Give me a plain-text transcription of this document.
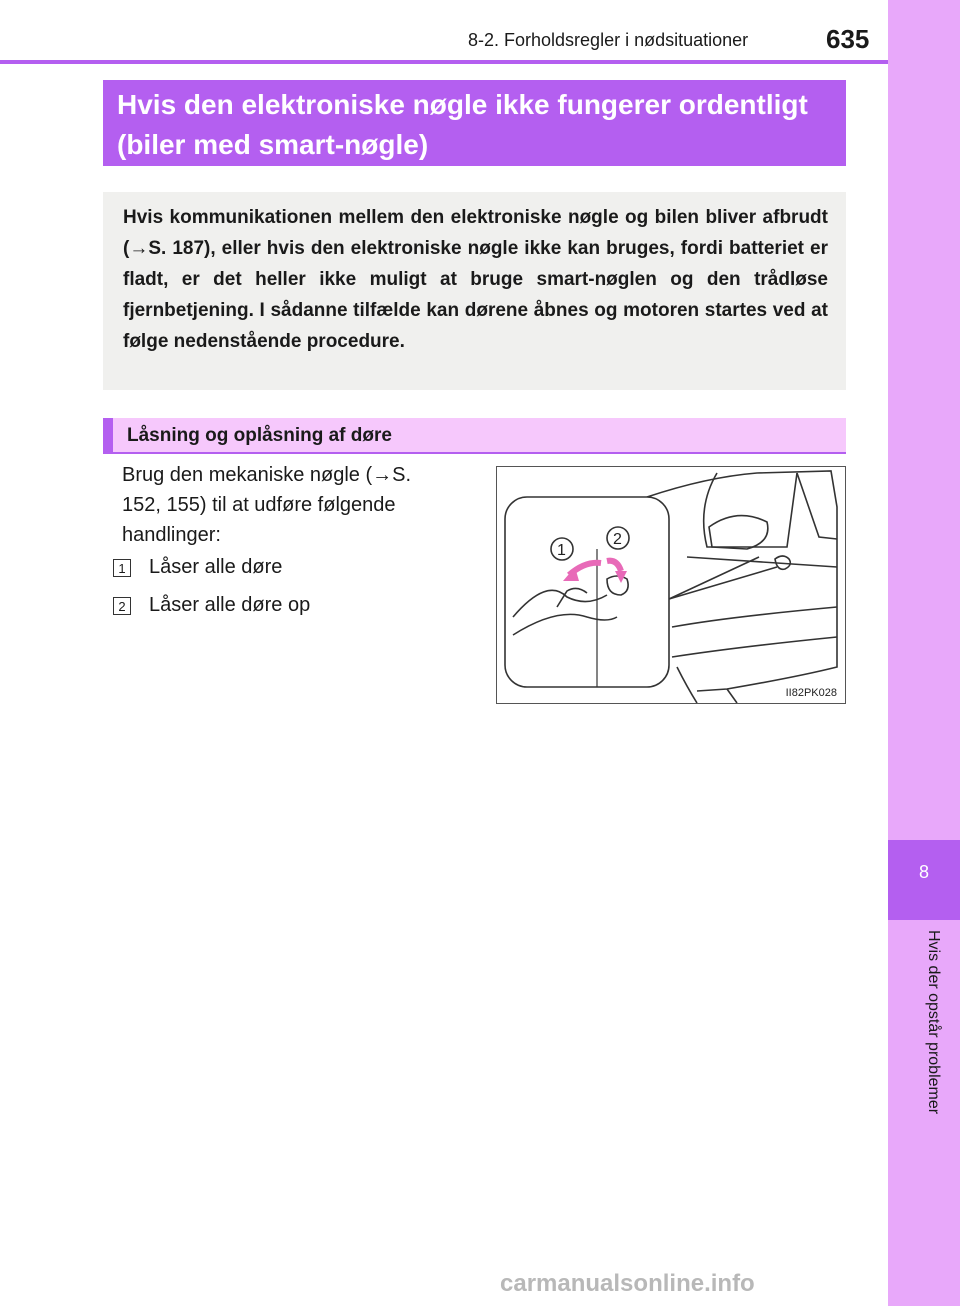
8
Hvis der opstår problemer
8-2. Forholdsregler i nødsituationer	635
Hvis den elektroniske nøgle ikke fungerer ordentligt (biler med smart-nøgle)
Hvis kommunikationen mellem den elektroniske nøgle og bilen bliver afbrudt (→S. 187), eller hvis den elektroniske nøgle ikke kan bruges, fordi batteriet er fladt, er det heller ikke muligt at bruge smart-nøglen og den trådløse fjernbetjening. I sådanne tilfælde kan dørene åbnes og motoren startes ved at følge nedenstående procedure.
Låsning og oplåsning af døre
Brug den mekaniske nøgle (→S. 152, 155) til at udføre følgende handlinger:
1 Låser alle døre
2 Låser alle døre op
1
2
II82PK028
carmanualsonline.info
